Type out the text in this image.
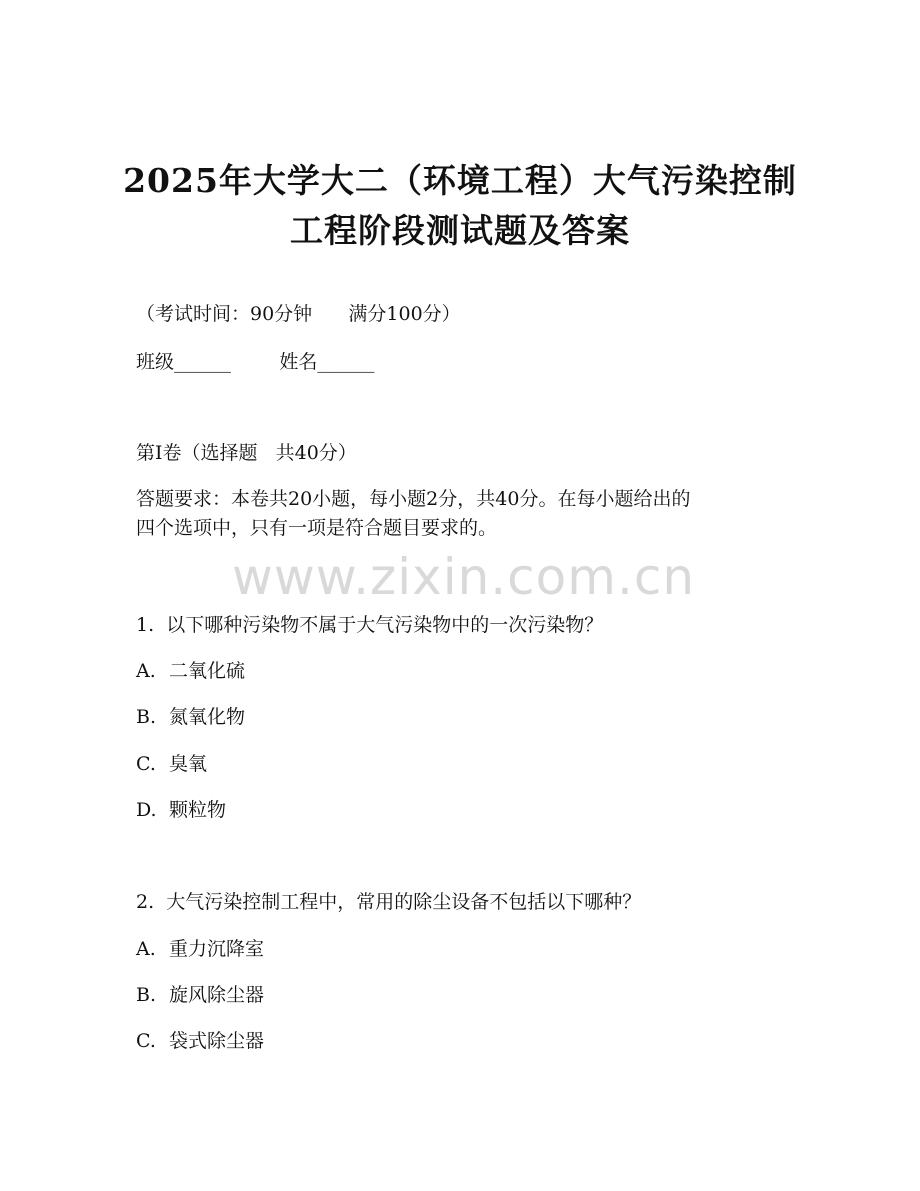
2025年大学大二（环境工程）大气污染控制
工程阶段测试题及答案
（考试时间：90分钟      满分100分）
班级______        姓名______
第I卷（选择题   共40分）
答题要求：本卷共20小题，每小题2分，共40分。在每小题给出的
四个选项中，只有一项是符合题目要求的。
www.zixin.com.cn
1.  以下哪种污染物不属于大气污染物中的一次污染物？
A. 二氧化硫
B. 氮氧化物
C. 臭氧
D. 颗粒物
2.  大气污染控制工程中，常用的除尘设备不包括以下哪种？
A. 重力沉降室
B. 旋风除尘器
C. 袋式除尘器
